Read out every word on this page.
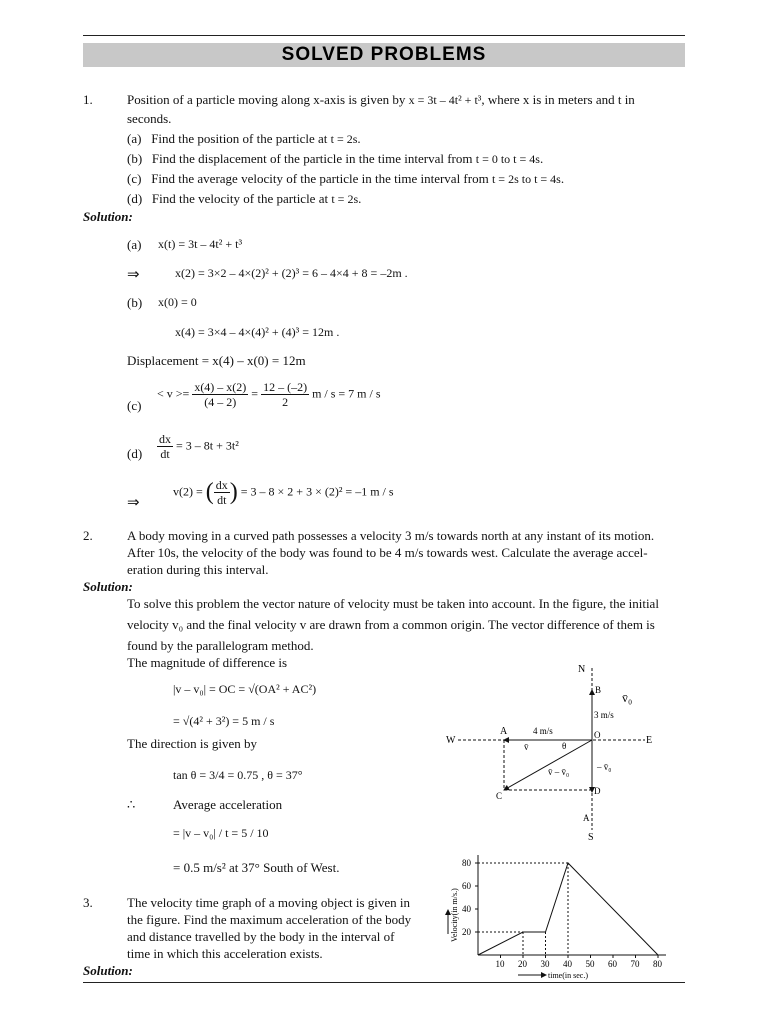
SOLVED PROBLEMS
1.	Position of a particle moving along x-axis is given by x = 3t – 4t² + t³, where x is in meters and t in
seconds.
(a) Find the position of the particle at t = 2s.
(b) Find the displacement of the particle in the time interval from t = 0 to t = 4s.
(c) Find the average velocity of the particle in the time interval from t = 2s to t = 4s.
(d) Find the velocity of the particle at t = 2s.
Solution:
(a) x(t) = 3t – 4t² + t³
⇒	x(2) = 3×2 – 4×(2)² + (2)³ = 6 – 4×4 + 8 = –2m .
(b) x(0) = 0
x(4) = 3×4 – 4×(4)² + (4)³ = 12m .
Displacement = x(4) – x(0) = 12m
(c)
< $v >= \frac{x(4) - x(2)}{(4 - 2)} = \frac{12 - (-2)}{2}$ m / s = 7 m / s
$(d) \frac{dx}{dt} = 3 - 8t + 3t^2$
⇒
v(2) = ( $\frac{dx}{dt}$ ) = 3 – 8 × 2 + 3 × (2)² = –1 m / s
2.	A body moving in a curved path possesses a velocity 3 m/s towards north at any instant of its motion.
After 10s, the velocity of the body was found to be 4 m/s towards west. Calculate the average accel-
eration during this interval.
Solution:
To solve this problem the vector nature of velocity must be taken into account. In the figure, the initial
velocity v₀ and the final velocity v are drawn from a common origin. The vector difference of them is
found by the parallelogram method.
The magnitude of difference is
|v – v₀| = OC = √(OA² + AC²)
= √(4² + 3²) = 5 m / s
The direction is given by
tan θ = 3/4 = 0.75 , θ = 37°
∴	Average acceleration
= |v – v₀| / t = 5 / 10
= 0.5 m/s² at 37° South of West.
N
S
E
W
A
B
C	D
O
A
v̄₀
3 m/s
4 m/s
v̄	θ
v̄ – v̄₀	– v̄₀
3.	The velocity time graph of a moving object is given in
the figure. Find the maximum acceleration of the body
and distance travelled by the body in the interval of
time in which this acceleration exists.
Solution:	10 20 30 40 50 60 70 80
20
40
60
80
time(in sec.)
Velocity(in m/s.)
